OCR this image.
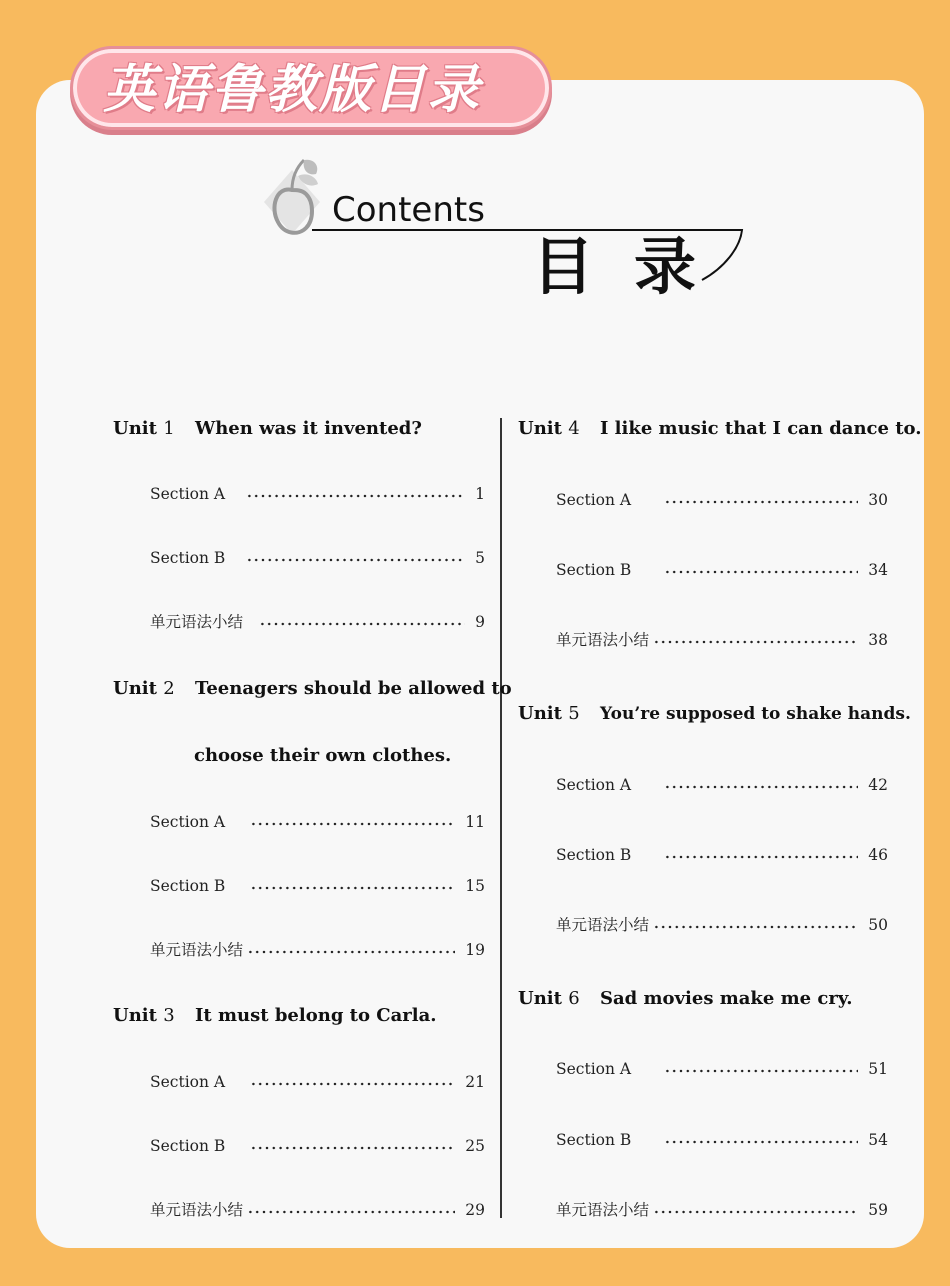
英语鲁教版目录
Contents
目录
Unit 1 When was it invented?
Section A	1
Section B	5
单元语法小结	9
Unit 2 Teenagers should be allowed to
choose their own clothes.
Section A	11
Section B	15
单元语法小结	19
Unit 3 It must belong to Carla.
Section A	21
Section B	25
单元语法小结	29
Unit 4 I like music that I can dance to.
Section A	30
Section B	34
单元语法小结	38
Unit 5 You’re supposed to shake hands.
Section A	42
Section B	46
单元语法小结	50
Unit 6 Sad movies make me cry.
Section A	51
Section B	54
单元语法小结	59
